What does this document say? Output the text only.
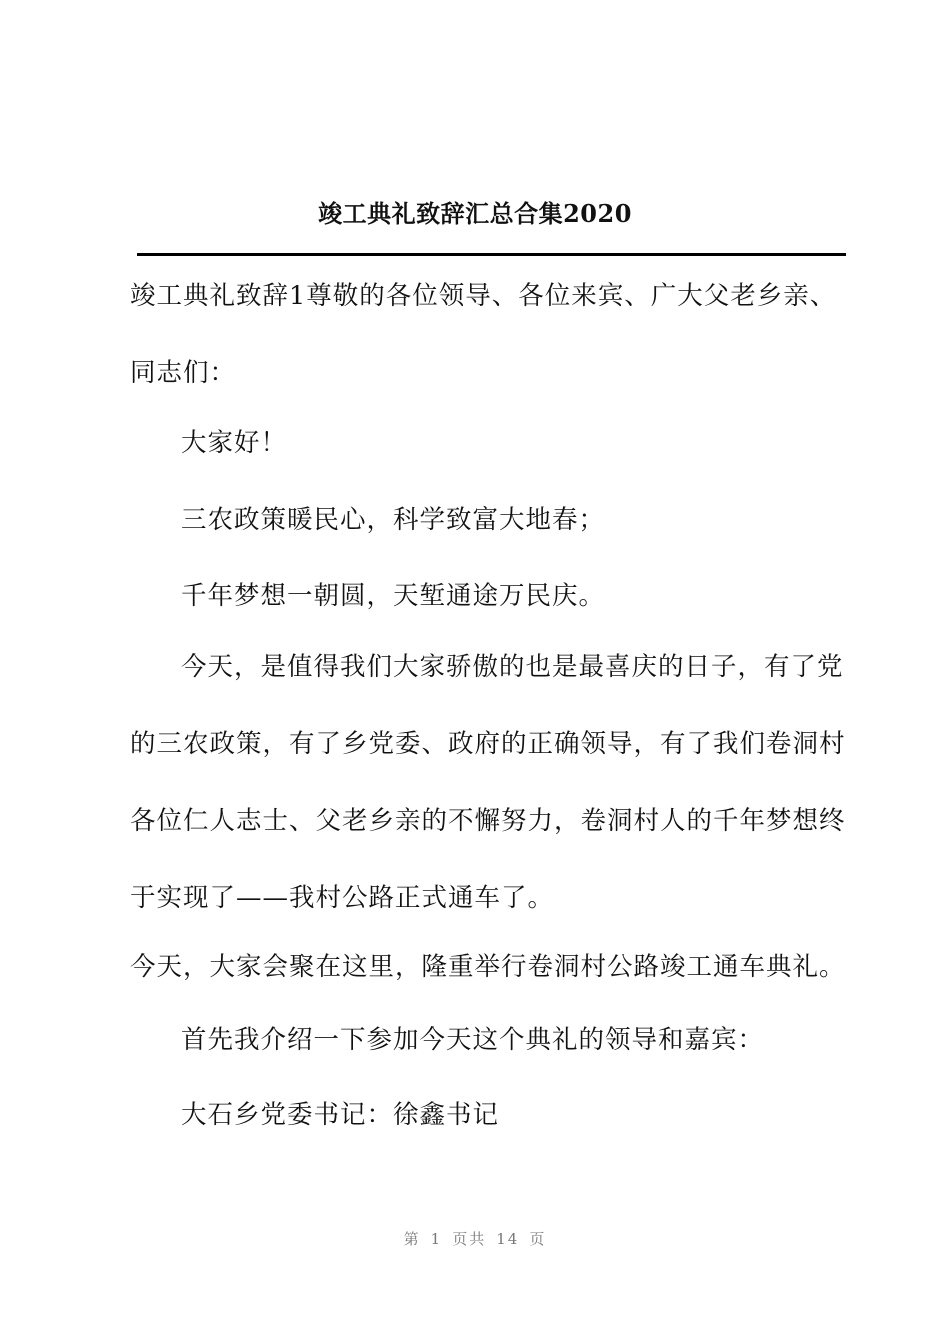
竣工典礼致辞汇总合集2020

竣工典礼致辞1尊敬的各位领导、各位来宾、广大父老乡亲、同志们：

大家好！

三农政策暖民心，科学致富大地春；

千年梦想一朝圆，天堑通途万民庆。

今天，是值得我们大家骄傲的也是最喜庆的日子，有了党的三农政策，有了乡党委、政府的正确领导，有了我们卷洞村各位仁人志士、父老乡亲的不懈努力，卷洞村人的千年梦想终于实现了——我村公路正式通车了。

今天，大家会聚在这里，隆重举行卷洞村公路竣工通车典礼。

首先我介绍一下参加今天这个典礼的领导和嘉宾：

大石乡党委书记：徐鑫书记

第 1 页共 14 页
